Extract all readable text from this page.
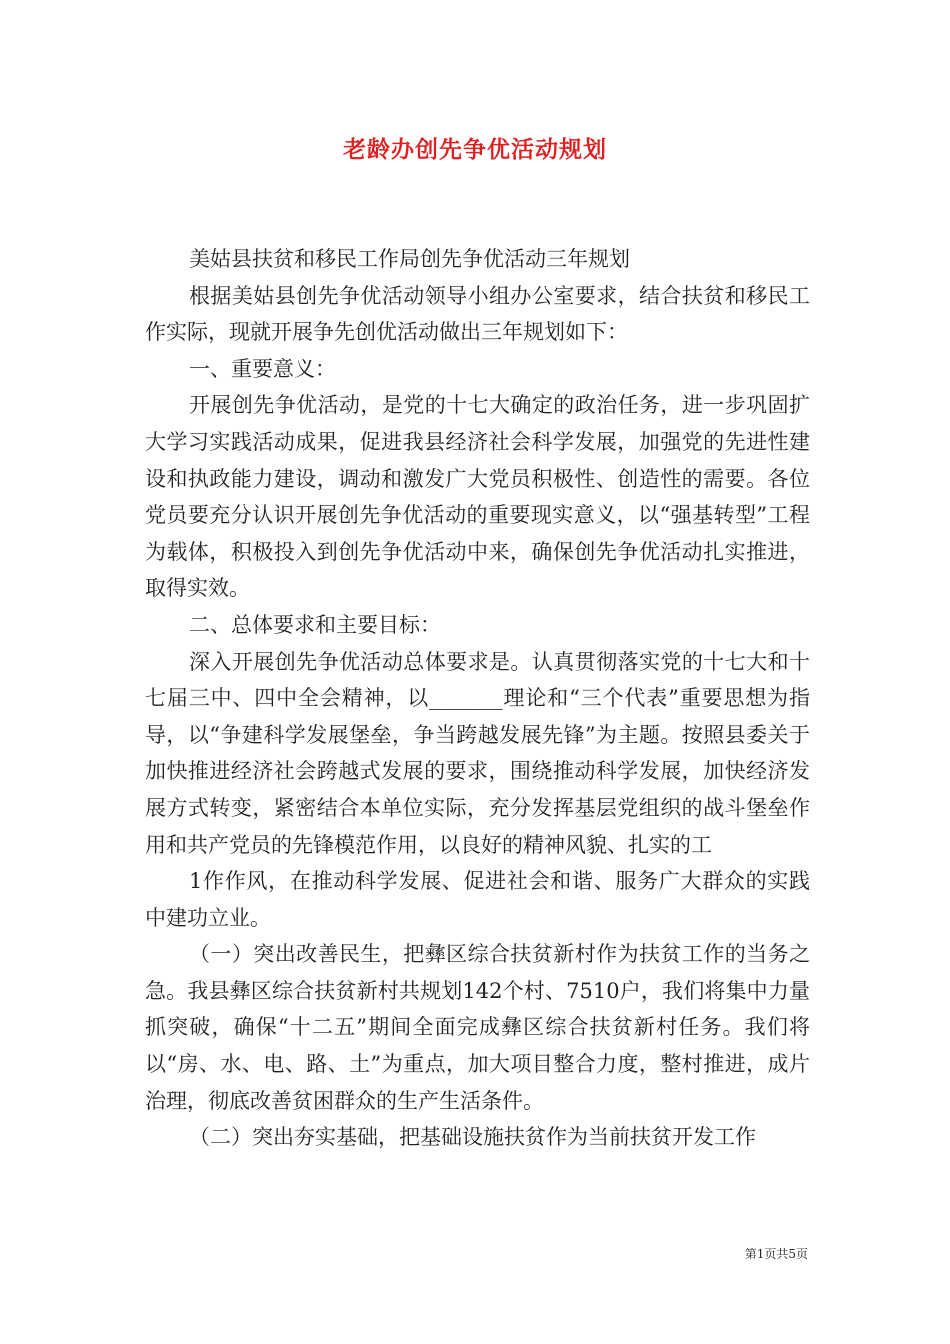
老龄办创先争优活动规划

美姑县扶贫和移民工作局创先争优活动三年规划

根据美姑县创先争优活动领导小组办公室要求，结合扶贫和移民工作实际，现就开展争先创优活动做出三年规划如下：

一、重要意义：

开展创先争优活动，是党的十七大确定的政治任务，进一步巩固扩大学习实践活动成果，促进我县经济社会科学发展，加强党的先进性建设和执政能力建设，调动和激发广大党员积极性、创造性的需要。各位党员要充分认识开展创先争优活动的重要现实意义，以“强基转型”工程为载体，积极投入到创先争优活动中来，确保创先争优活动扎实推进，取得实效。

二、总体要求和主要目标：

深入开展创先争优活动总体要求是。认真贯彻落实党的十七大和十七届三中、四中全会精神，以_______理论和“三个代表”重要思想为指导，以“争建科学发展堡垒，争当跨越发展先锋”为主题。按照县委关于加快推进经济社会跨越式发展的要求，围绕推动科学发展，加快经济发展方式转变，紧密结合本单位实际，充分发挥基层党组织的战斗堡垒作用和共产党员的先锋模范作用，以良好的精神风貌、扎实的工

1作作风，在推动科学发展、促进社会和谐、服务广大群众的实践中建功立业。

（一）突出改善民生，把彝区综合扶贫新村作为扶贫工作的当务之急。我县彝区综合扶贫新村共规划142个村、7510户，我们将集中力量抓突破，确保“十二五”期间全面完成彝区综合扶贫新村任务。我们将以“房、水、电、路、土”为重点，加大项目整合力度，整村推进，成片治理，彻底改善贫困群众的生产生活条件。

（二）突出夯实基础，把基础设施扶贫作为当前扶贫开发工作

第1页共5页
